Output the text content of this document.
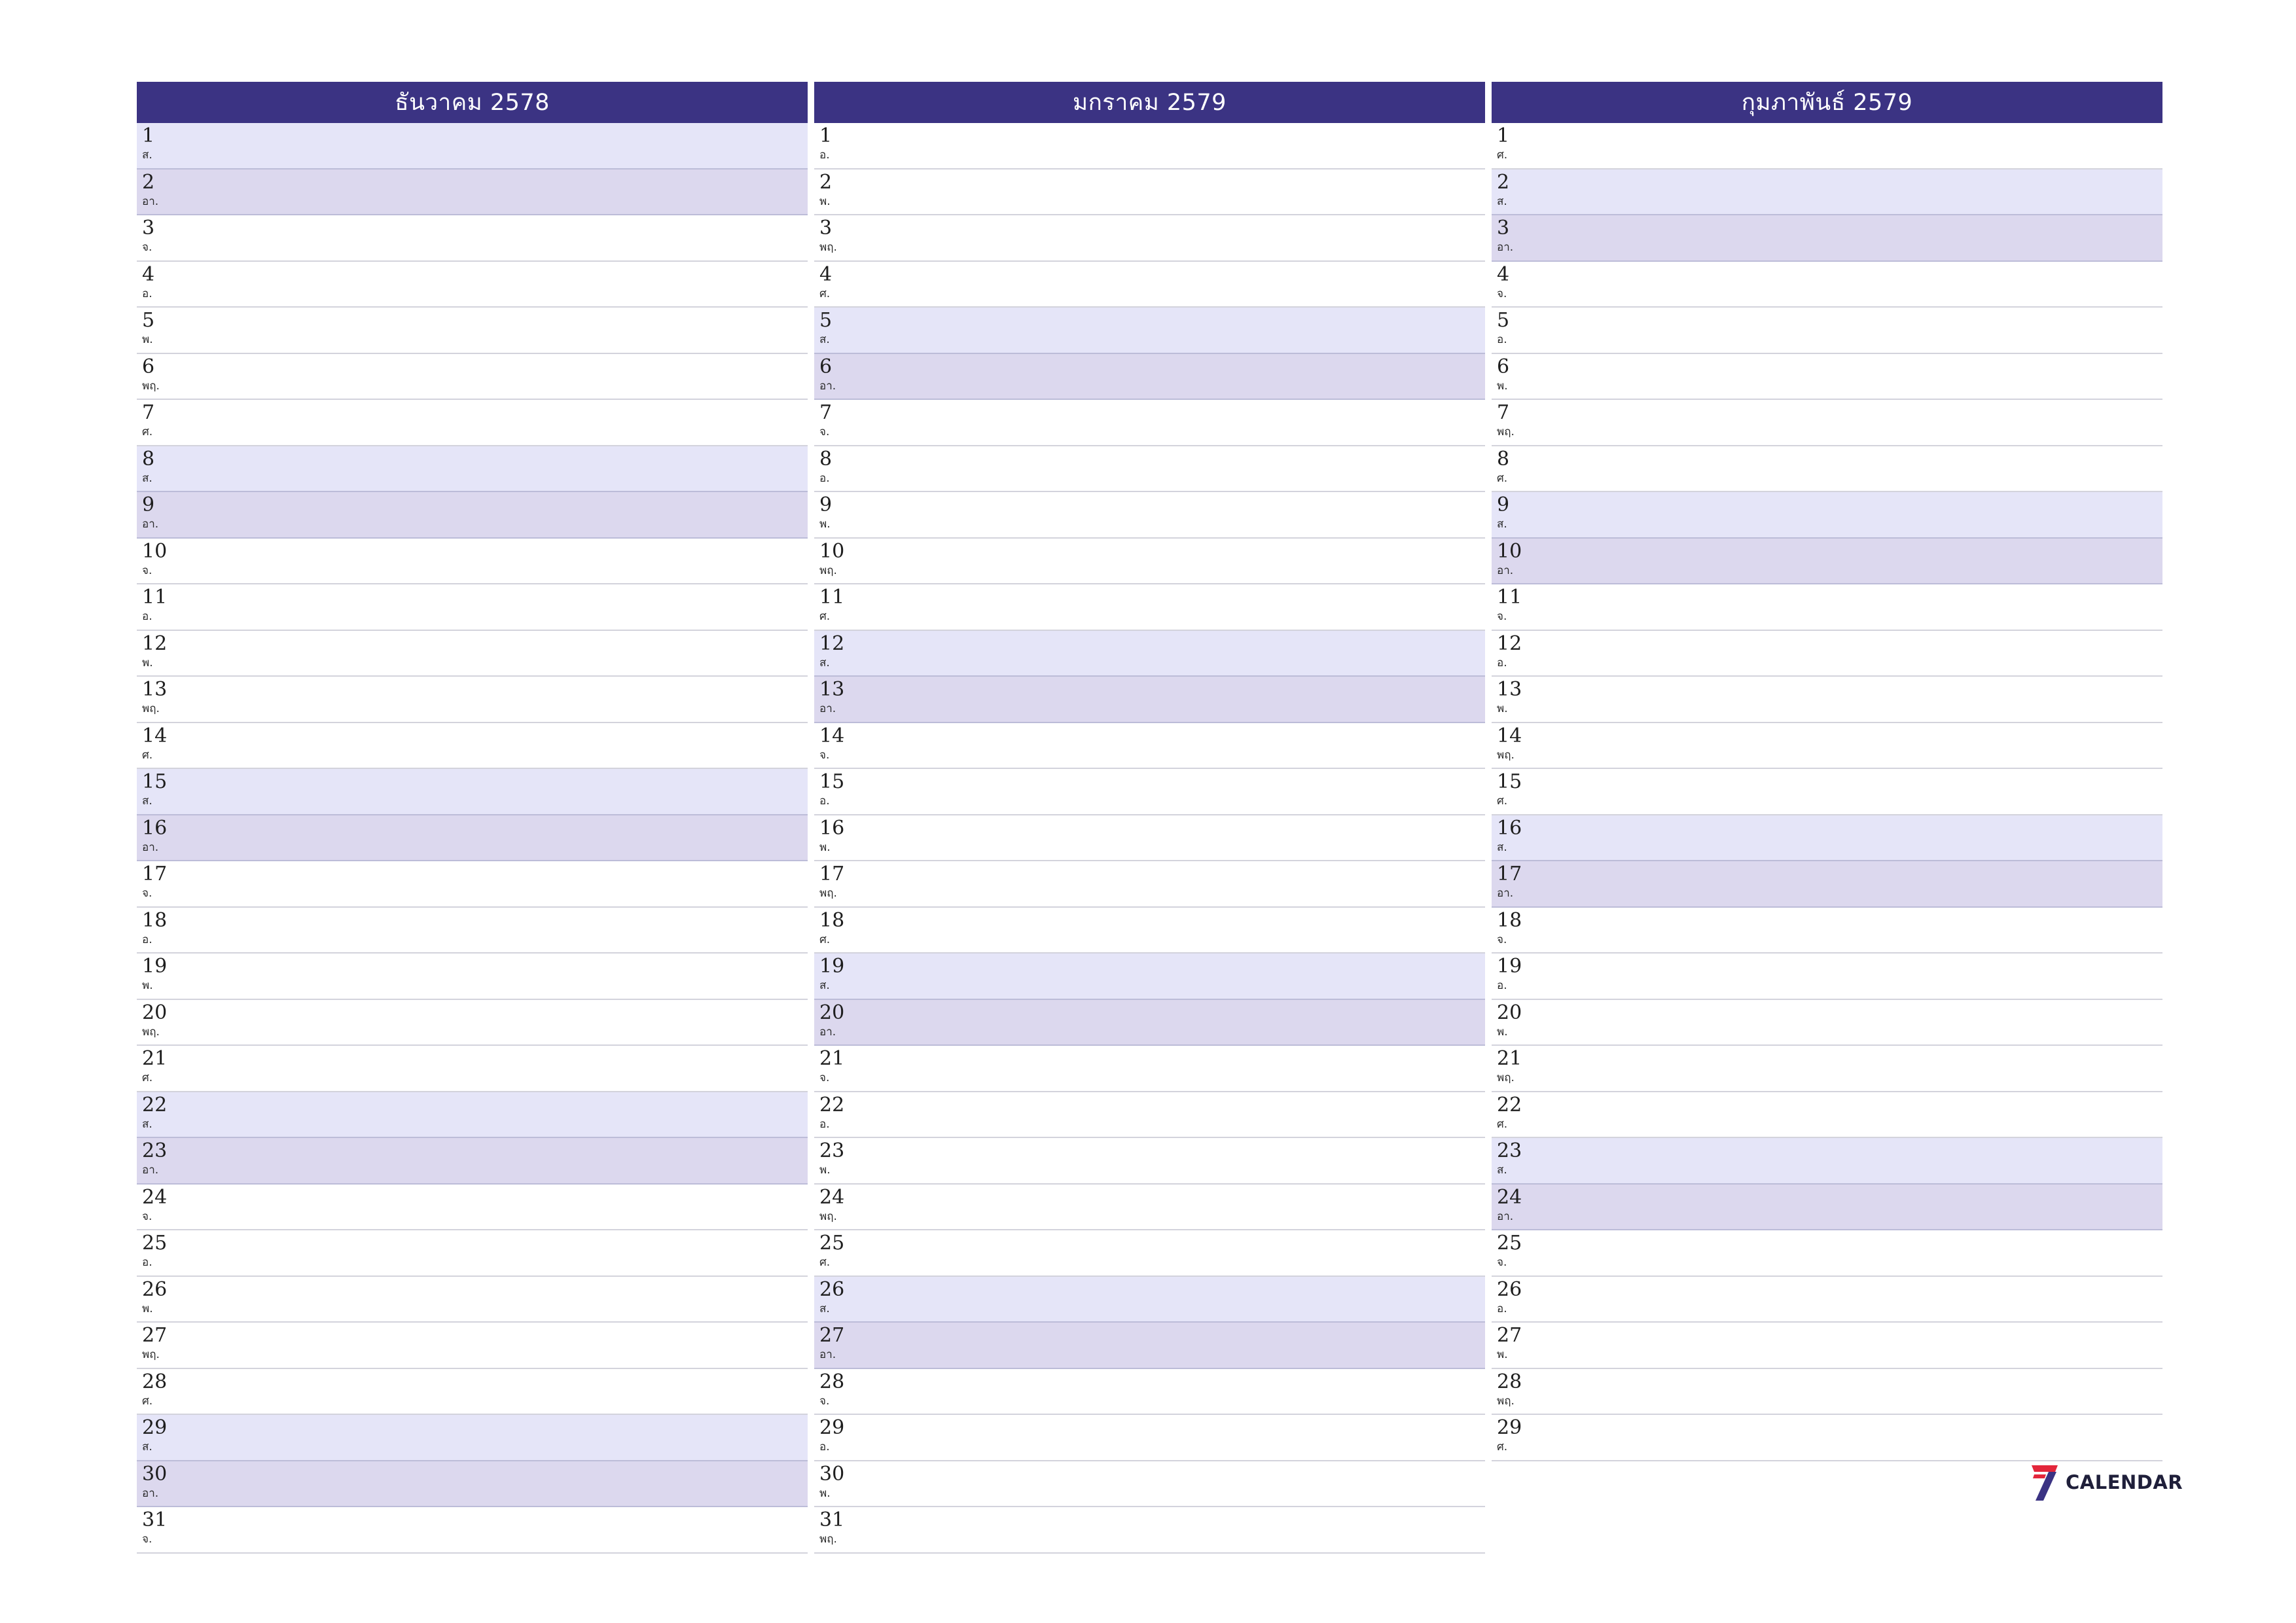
ธันวาคม 2578
1
ส.
2
อา.
3
จ.
4
อ.
5
พ.
6
พฤ.
7
ศ.
8
ส.
9
อา.
10
จ.
11
อ.
12
พ.
13
พฤ.
14
ศ.
15
ส.
16
อา.
17
จ.
18
อ.
19
พ.
20
พฤ.
21
ศ.
22
ส.
23
อา.
24
จ.
25
อ.
26
พ.
27
พฤ.
28
ศ.
29
ส.
30
อา.
31
จ.
มกราคม 2579
1
อ.
2
พ.
3
พฤ.
4
ศ.
5
ส.
6
อา.
7
จ.
8
อ.
9
พ.
10
พฤ.
11
ศ.
12
ส.
13
อา.
14
จ.
15
อ.
16
พ.
17
พฤ.
18
ศ.
19
ส.
20
อา.
21
จ.
22
อ.
23
พ.
24
พฤ.
25
ศ.
26
ส.
27
อา.
28
จ.
29
อ.
30
พ.
31
พฤ.
กุมภาพันธ์ 2579
1
ศ.
2
ส.
3
อา.
4
จ.
5
อ.
6
พ.
7
พฤ.
8
ศ.
9
ส.
10
อา.
11
จ.
12
อ.
13
พ.
14
พฤ.
15
ศ.
16
ส.
17
อา.
18
จ.
19
อ.
20
พ.
21
พฤ.
22
ศ.
23
ส.
24
อา.
25
จ.
26
อ.
27
พ.
28
พฤ.
29
ศ.
CALENDAR
